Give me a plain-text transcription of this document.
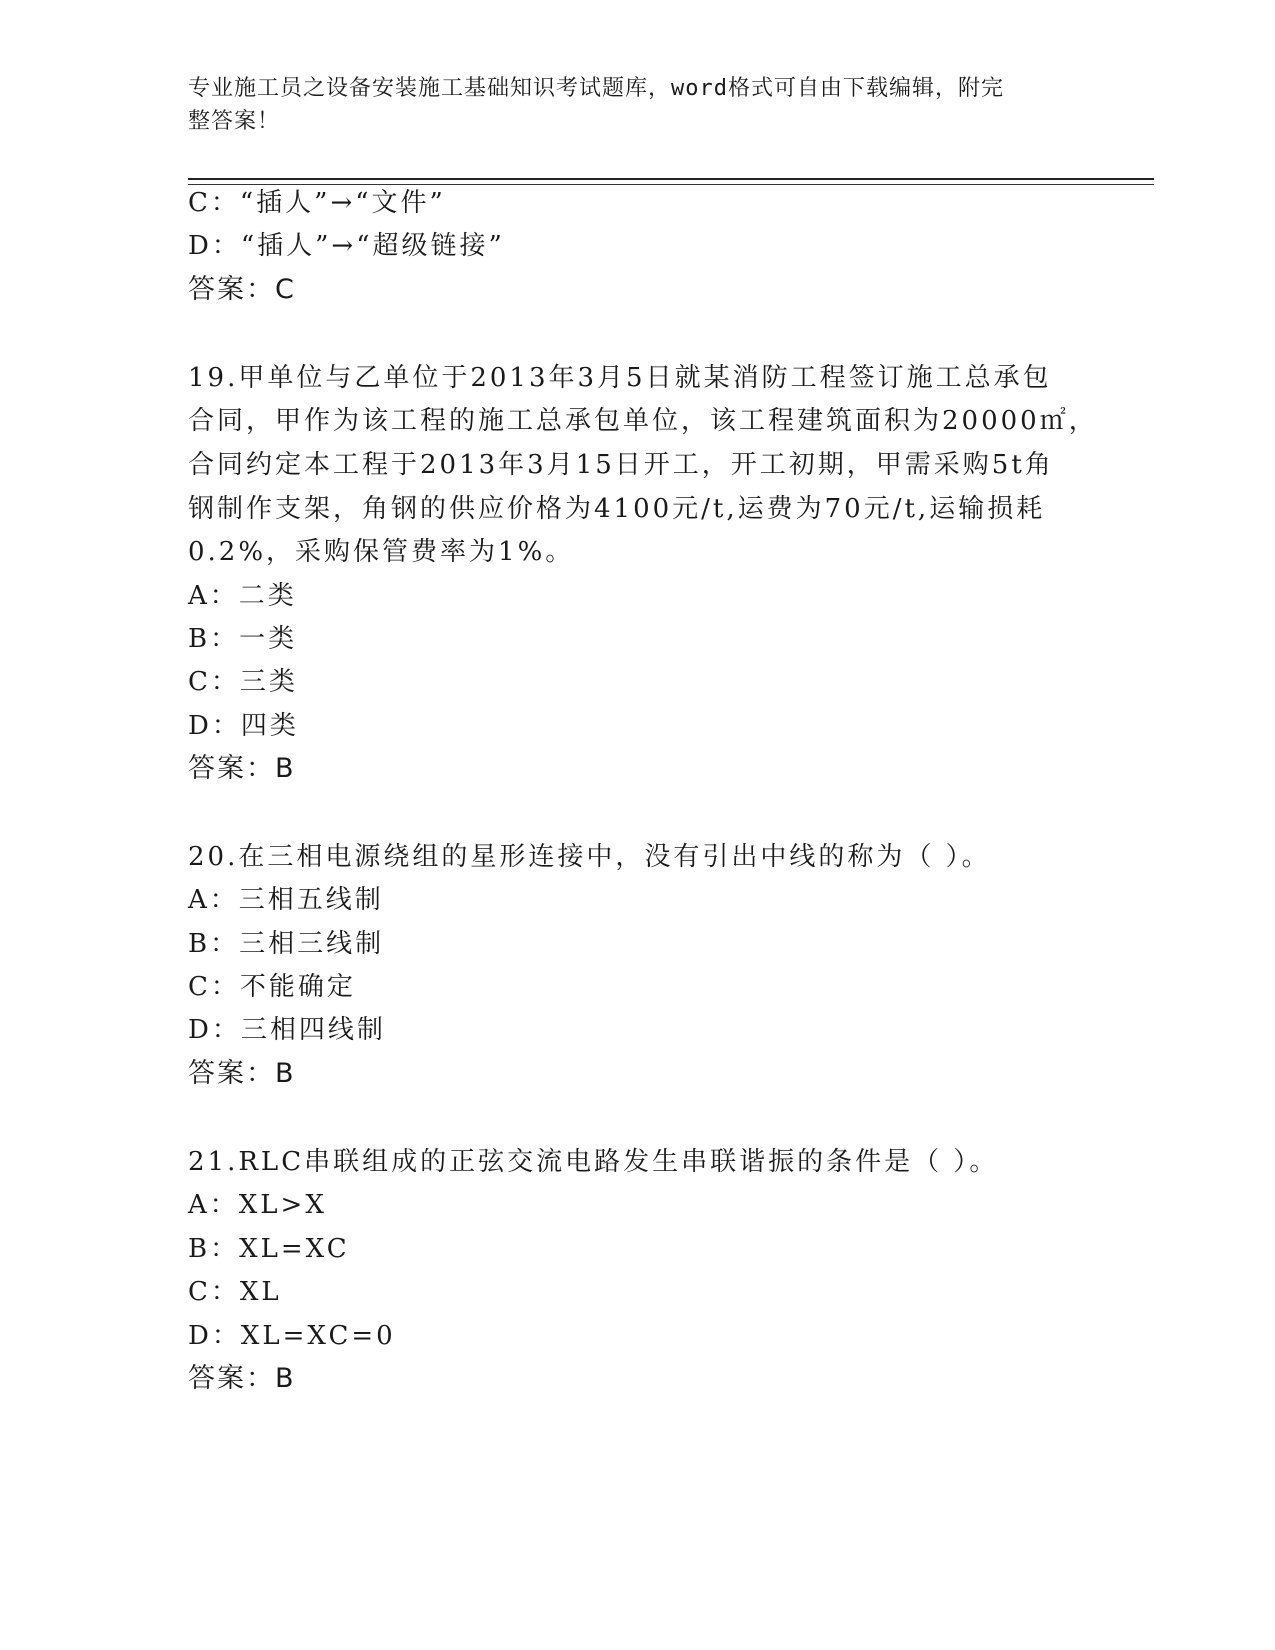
专业施工员之设备安装施工基础知识考试题库，word格式可自由下载编辑，附完
整答案！
C：“插人”→“文件”
D：“插人”→“超级链接”
答案：C
19.甲单位与乙单位于2013年3月5日就某消防工程签订施工总承包
合同，甲作为该工程的施工总承包单位，该工程建筑面积为20000㎡，
合同约定本工程于2013年3月15日开工，开工初期，甲需采购5t角
钢制作支架，角钢的供应价格为4100元/t,运费为70元/t,运输损耗
0.2%，采购保管费率为1%。
A：二类
B：一类
C：三类
D：四类
答案：B
20.在三相电源绕组的星形连接中，没有引出中线的称为（ ）。
A：三相五线制
B：三相三线制
C：不能确定
D：三相四线制
答案：B
21.RLC串联组成的正弦交流电路发生串联谐振的条件是（ ）。
A：XL>X
B：XL=XC
C：XL
D：XL=XC=0
答案：B
